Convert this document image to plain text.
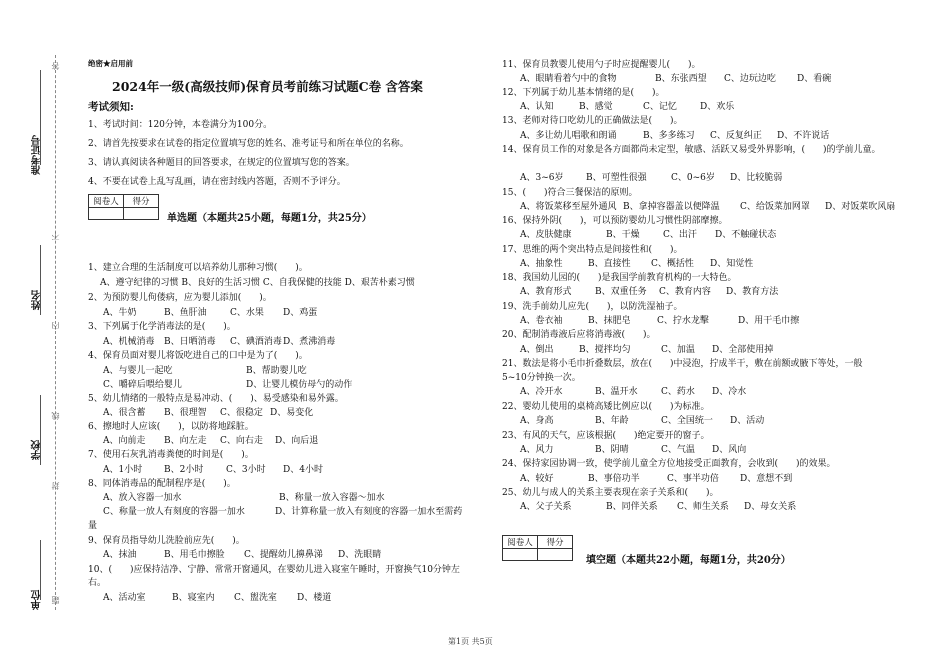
准考证号
姓名
学校
单位
答
不
内
线
封
题
绝密★启用前
2024年一级(高级技师)保育员考前练习试题C卷 含答案
考试须知:
1、考试时间：120分钟，本卷满分为100分。
2、请首先按要求在试卷的指定位置填写您的姓名、准考证号和所在单位的名称。
3、请认真阅读各种题目的回答要求，在规定的位置填写您的答案。
4、不要在试卷上乱写乱画，请在密封线内答题，否则不予评分。
阅卷人	得分

单选题（本题共25小题，每题1分，共25分）
1、建立合理的生活制度可以培养幼儿那种习惯(　　)。
A、遵守纪律的习惯 B、良好的生活习惯 C、自我保健的技能 D、艰苦朴素习惯
2、为预防婴儿佝偻病，应为婴儿添加(　　)。
A、牛奶	B、鱼肝油	C、水果 D、鸡蛋
3、下列属于化学消毒法的是(　　)。
A、机械消毒 B、日晒消毒 C、碘酒消毒 D、煮沸消毒
4、保育员面对婴儿将饭吃进自己的口中是为了(　　)。
A、与婴儿一起吃	B、帮助婴儿吃
C、嚼碎后喂给婴儿	D、让婴儿模仿母勺的动作
5、幼儿情绪的一般特点是易冲动、(　　)、易受感染和易外露。
A、很含蓄 B、很理智 C、很稳定 D、易变化
6、擦地时人应该(　　)，以防将地踩脏。
A、向前走 B、向左走 C、向右走 D、向后退
7、使用石灰乳消毒粪便的时间是(　　)。
A、1小时 B、2小时	C、3小时 D、4小时
8、同体消毒品的配制程序是(　　)。
A、放入容器一加水	B、称量一放入容器～加水
C、称量一放人有刻度的容器一加水	D、计算称量一放入有刻度的容器一加水至需药
量
9、保育员指导幼儿洗脸前应先(　　)。
A、抹油	B、用毛巾擦脸 C、提醒幼儿擤鼻涕 D、洗眼睛
10、(　　)应保持洁净、宁静、常常开窗通风，在婴幼儿进入寝室午睡时，开窗换气10分钟左
右。
A、活动室	B、寝室内 C、盥洗室 D、楼道
11、保育员教婴儿使用勺子时应提醒婴儿(　　)。
A、眼睛看着勺中的食物	B、东张西望 C、边玩边吃 D、看碗
12、下列属于幼儿基本情绪的是(　　)。
A、认知	B、感觉	C、记忆	D、欢乐
13、老师对待口吃幼儿的正确做法是(　　)。
A、多让幼儿唱歌和朗诵	B、多多练习 C、反复纠正 D、不许说话
14、保育员工作的对象是各方面都尚未定型，敏感、活跃又易受外界影响，(　　)的学前儿童。
A、3~6岁	B、可塑性很强	C、0~6岁 D、比较脆弱
15、(　　)符合三餐保洁的原则。
A、将饭菜移至屋外通风 B、拿掉容器盖以便降温 C、给饭菜加网罩 D、对饭菜吹风扇
16、保持外阴(　　)，可以预防婴幼儿习惯性阴部摩擦。
A、皮肤健康	B、干燥	C、出汗 D、不触碰状态
17、思维的两个突出特点是间接性和(　　)。
A、抽象性	B、直接性 C、概括性 D、知觉性
18、我国幼儿园的(　　)是我国学前教育机构的一大特色。
A、教育形式	B、双重任务 C、教育内容 D、教育方法
19、洗手前幼儿应先(　　)，以防洗湿袖子。
A、卷衣袖	B、抹肥皂	C、拧水龙擊	D、用干毛巾擦
20、配制消毒液后应将消毒液(　　)。
A、倒出	B、搅拌均匀	C、加温 D、全部使用掉
21、数法是将小毛巾折叠数层，放在(　　)中浸泡，拧成半干，敷在前额或腋下等处，一般
5~10分钟换一次。
A、冷开水	B、温开水	C、药水 D、冷水
22、婴幼儿使用的桌椅高矮比例应以(　　)为标准。
A、身高	B、年龄	C、全国统一 D、活动
23、有风的天气，应该根据(　　)绝定要开的窗子。
A、风力	B、阴晴	C、气温 D、风向
24、保持家园协调一致，使学前儿童全方位地接受正面教育，会收到(　　)的效果。
A、较好	B、事倍功半	C、事半功倍 D、意想不到
25、幼儿与成人的关系主要表现在亲子关系和(　　)。
A、父子关系	B、同伴关系 C、师生关系 D、母女关系
阅卷人	得分

填空题（本题共22小题，每题1分，共20分）
第1页 共5页
